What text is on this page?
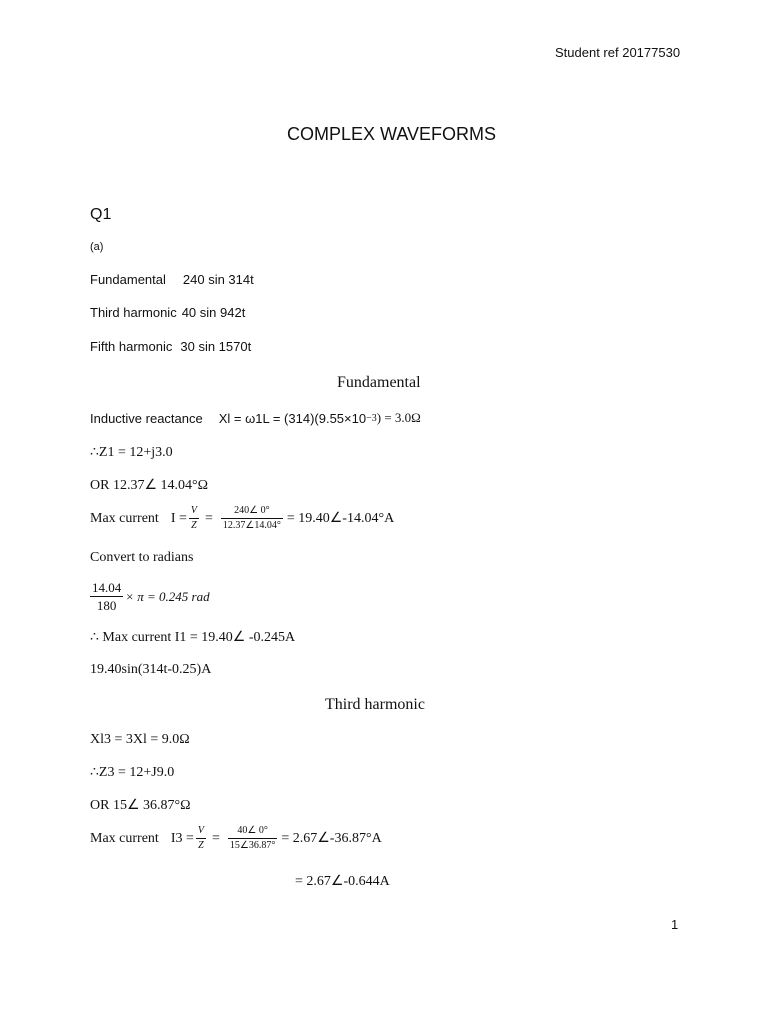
Student ref 20177530
COMPLEX WAVEFORMS
Q1
(a)
Fundamental 240 sin 314t
Third harmonic 40 sin 942t
Fifth harmonic 30 sin 1570t
Fundamental
Inductive reactance Xl = ω1L = (314)(9.55×10 −3 ) = 3.0Ω
∴Z1 = 12+j3.0
OR 12.37∠ 14.04°Ω
Max current $I = \frac{V}{Z} = \frac{240\angle 0^\circ}{12.37\angle 14.04^\circ}$ = 19.40∠-14.04°A
Convert to radians
$\frac{14.04}{180} \times \pi = 0.245$ rad
∴ Max current I1 = 19.40∠ -0.245A
19.40sin(314t-0.25)A
Third harmonic
Xl3 = 3Xl = 9.0Ω
∴Z3 = 12+J9.0
OR 15∠ 36.87°Ω
Max current $I3 = \frac{V}{Z} = \frac{40\angle 0^\circ}{15\angle 36.87^\circ}$ = 2.67∠-36.87°A
= 2.67∠-0.644A
1
